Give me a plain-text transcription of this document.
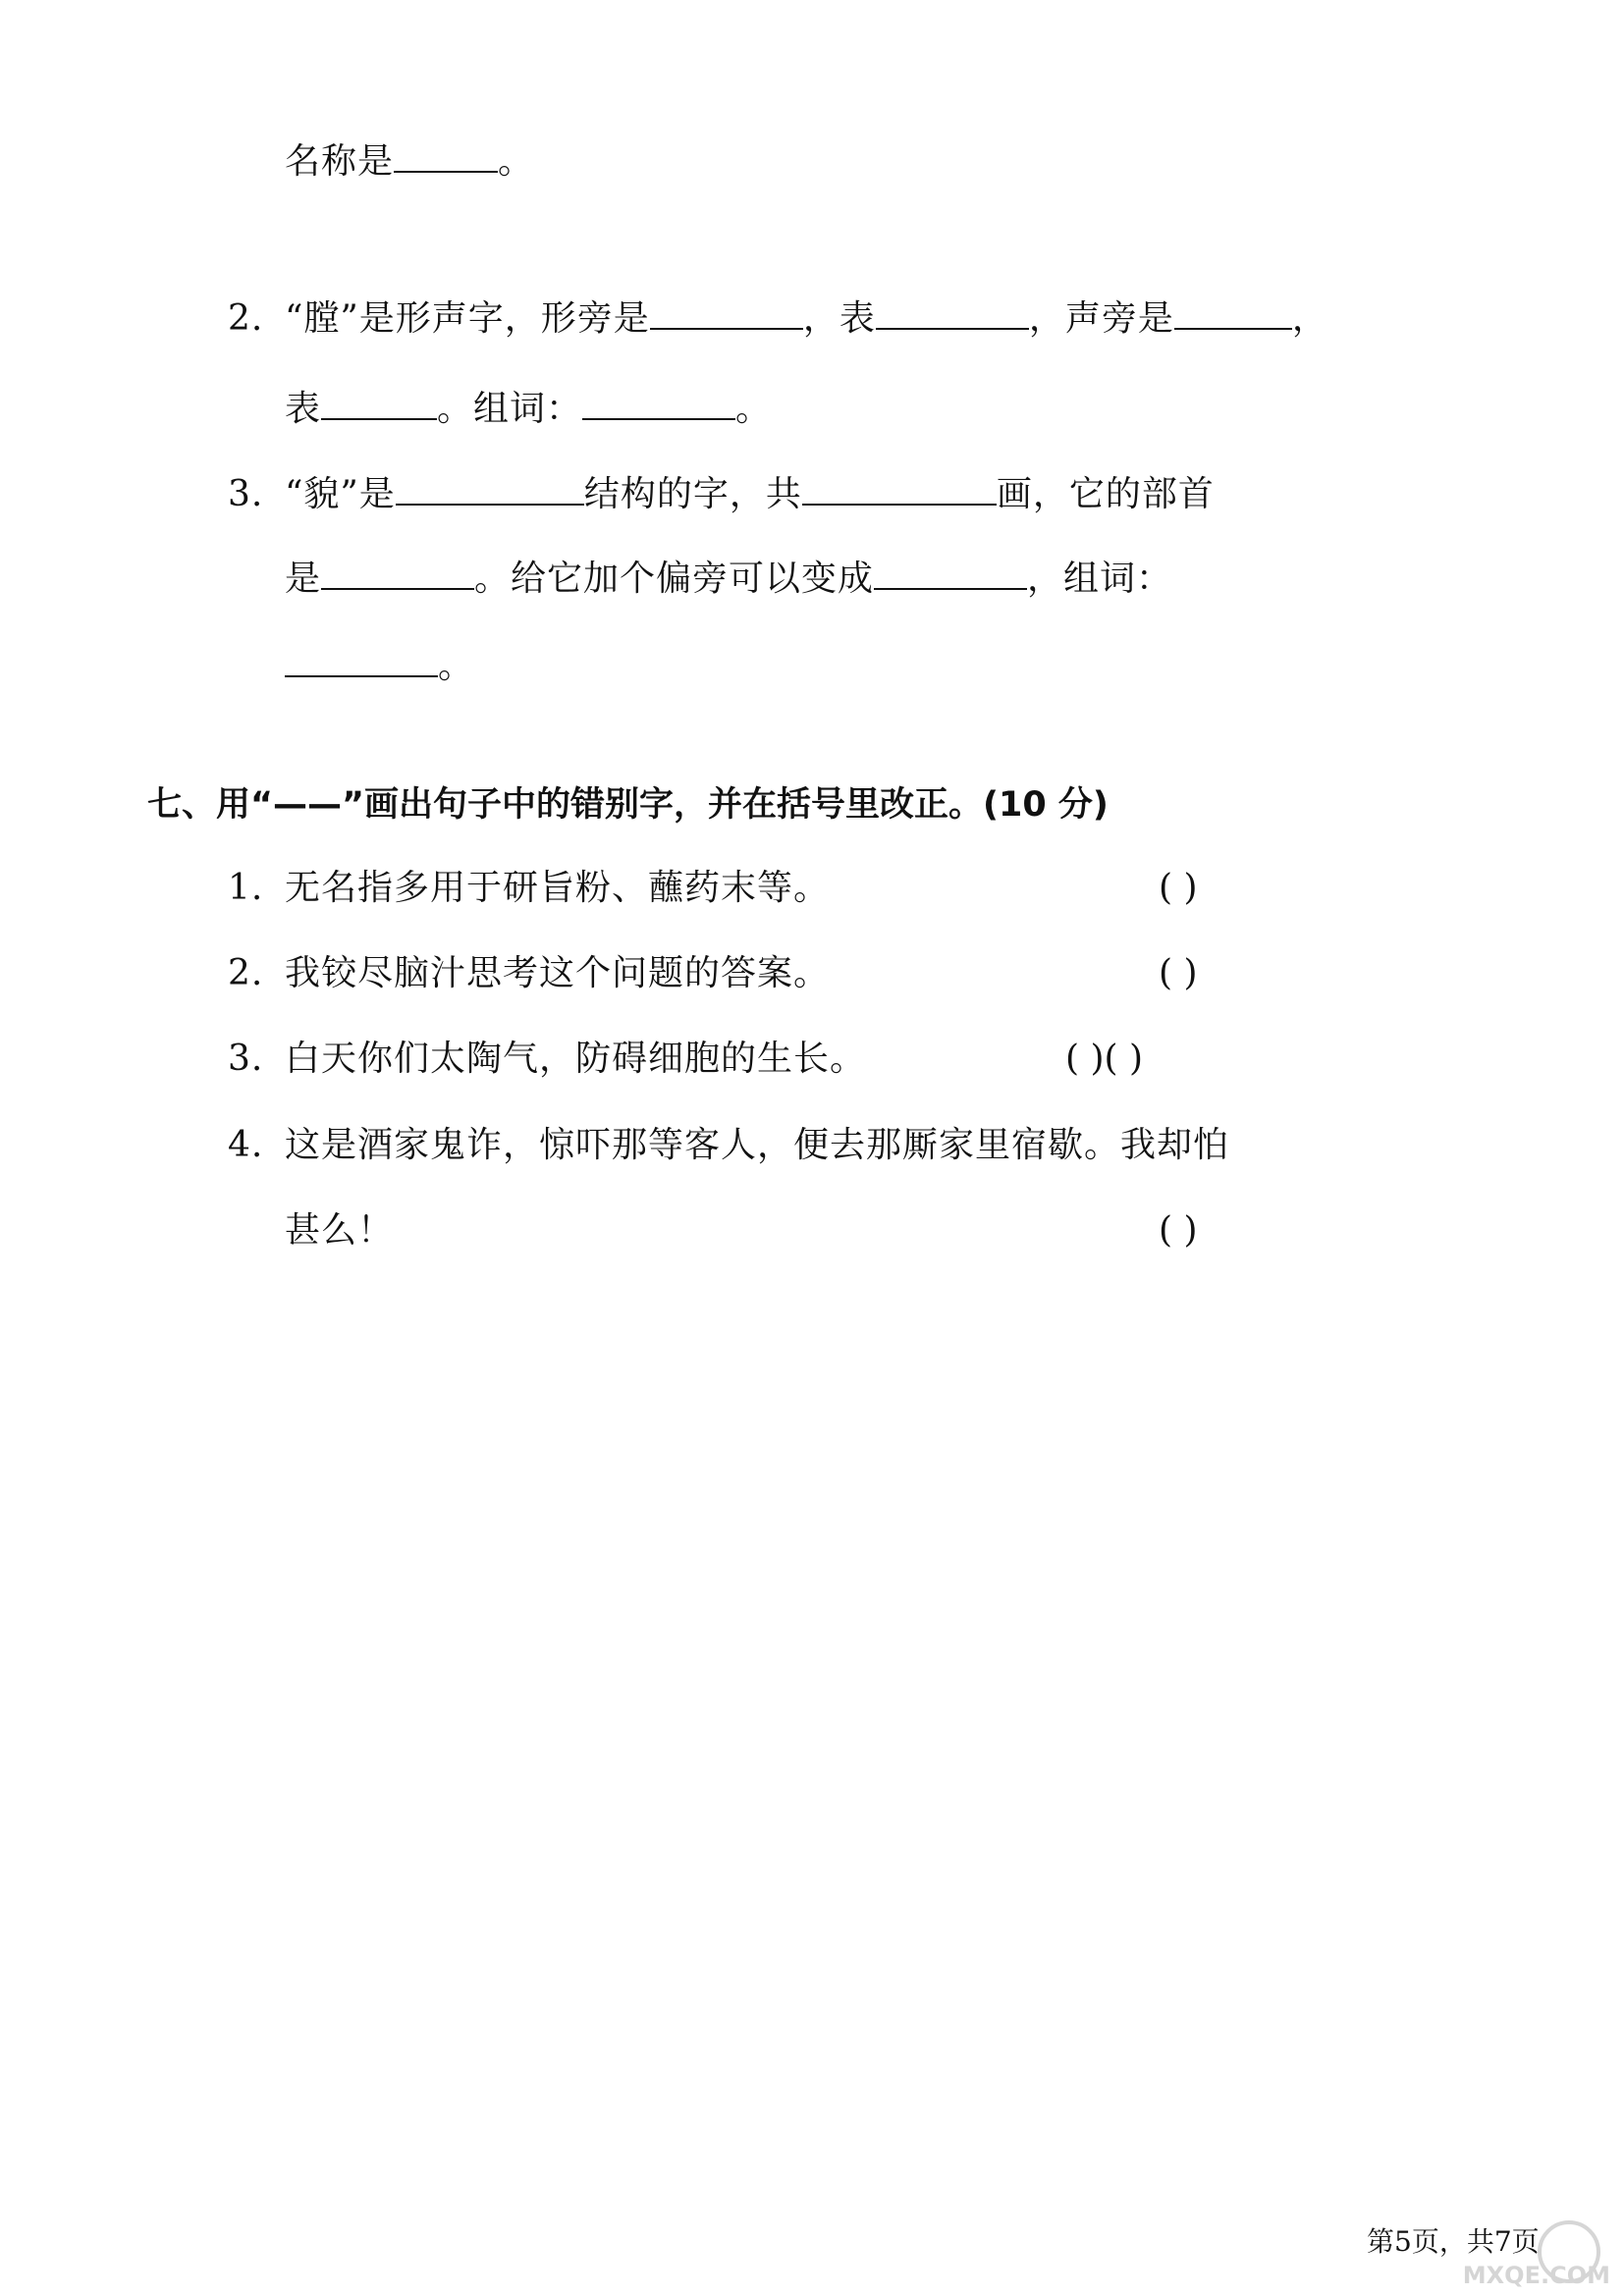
名称是	。
2. “膛”是形声字，形旁是	，表	，声旁是	，
表	。组词：	。
3. “貌”是	结构的字，共	画，它的部首
是	。给它加个偏旁可以变成	，组词：
。
七、用“——”画出句子中的错别字，并在括号里改正。(10 分)
1. 无名指多用于研旨粉、蘸药末等。	( )
2. 我铰尽脑汁思考这个问题的答案。	( )
3. 白天你们太陶气，防碍细胞的生长。	( )( )
4. 这是酒家鬼诈，惊吓那等客人，便去那厮家里宿歇。我却怕
甚么！	( )
第5页，共7页
MXQE.COM
